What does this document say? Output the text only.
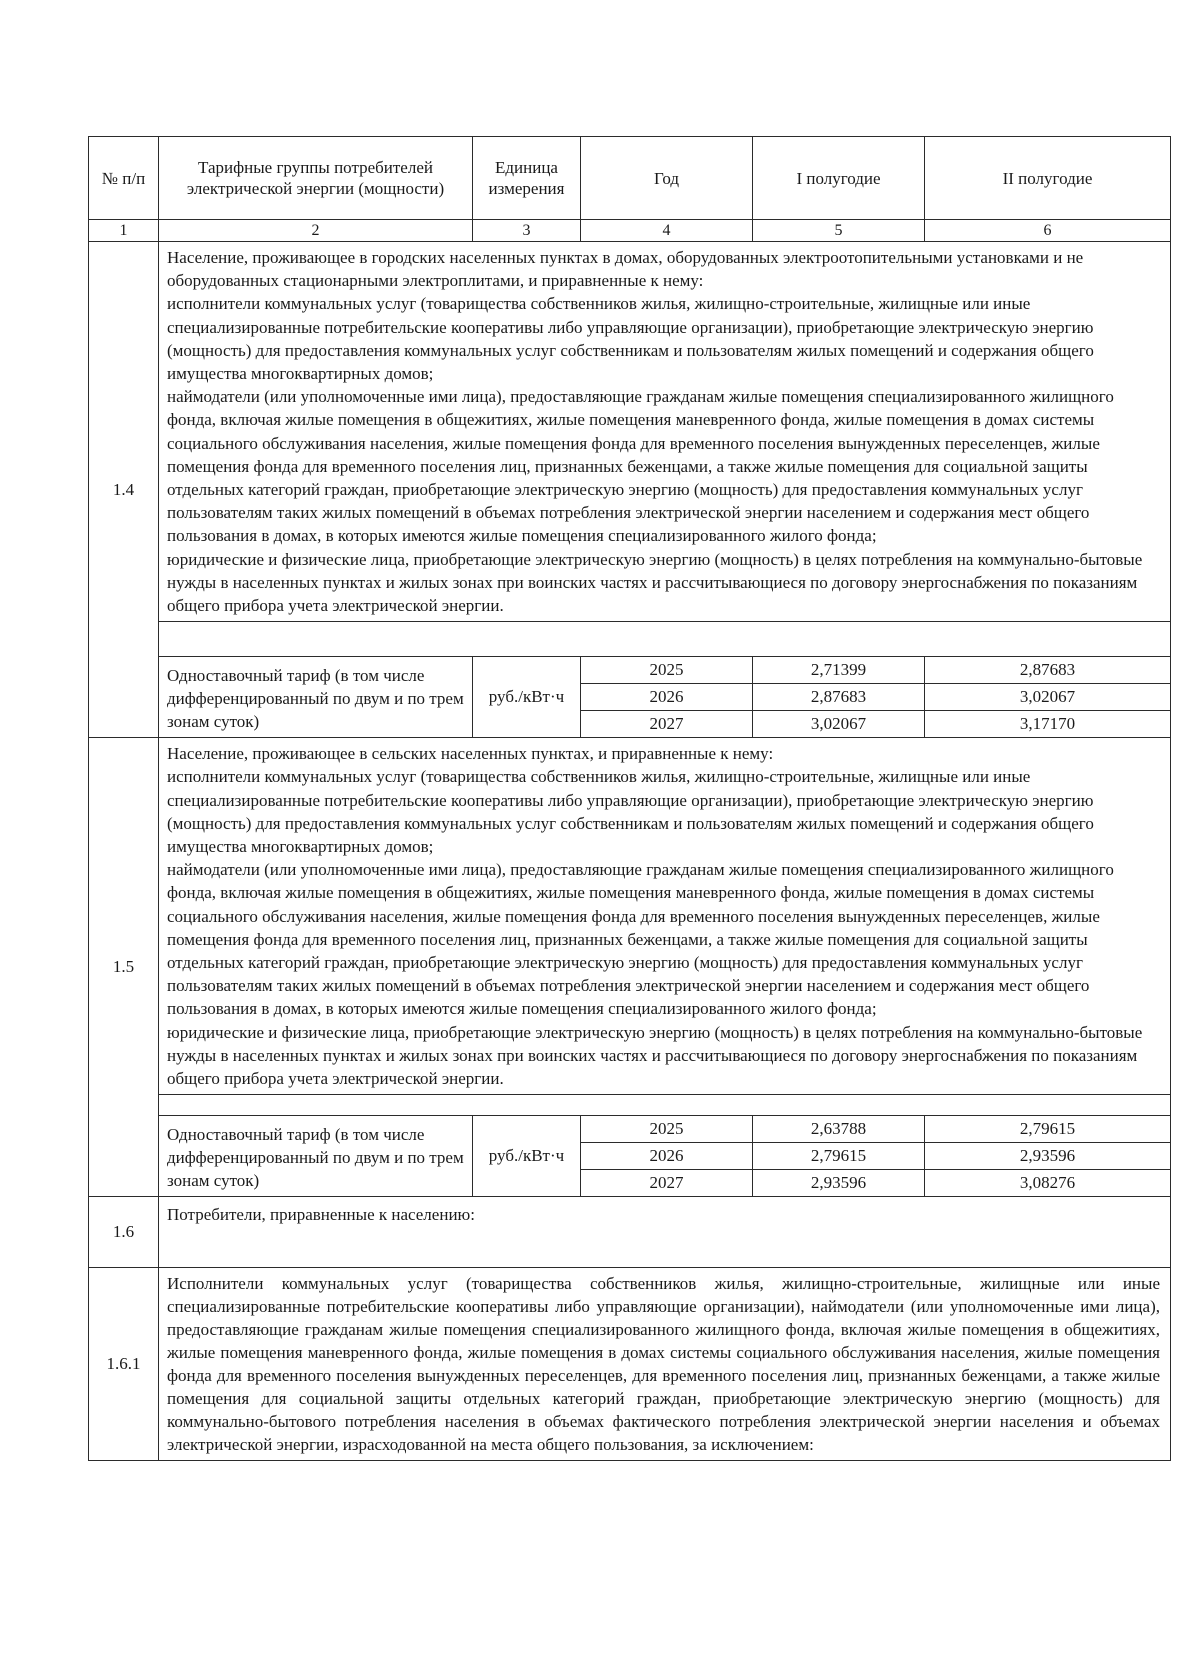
№ п/п	Тарифные группы потребителей электрической энергии (мощности)	Единица измерения	Год	I полугодие	II полугодие
1	2	3	4	5	6
1.4	Население, проживающее в городских населенных пунктах в домах, оборудованных электроотопительными установками и не оборудованных стационарными электроплитами, и приравненные к нему:
исполнители коммунальных услуг (товарищества собственников жилья, жилищно-строительные, жилищные или иные специализированные потребительские кооперативы либо управляющие организации), приобретающие электрическую энергию (мощность) для предоставления коммунальных услуг собственникам и пользователям жилых помещений и содержания общего имущества многоквартирных домов;
наймодатели (или уполномоченные ими лица), предоставляющие гражданам жилые помещения специализированного жилищного фонда, включая жилые помещения в общежитиях, жилые помещения маневренного фонда, жилые помещения в домах системы социального обслуживания населения, жилые помещения фонда для временного поселения вынужденных переселенцев, жилые помещения фонда для временного поселения лиц, признанных беженцами, а также жилые помещения для социальной защиты отдельных категорий граждан, приобретающие электрическую энергию (мощность) для предоставления коммунальных услуг пользователям таких жилых помещений в объемах потребления электрической энергии населением и содержания мест общего пользования в домах, в которых имеются жилые помещения специализированного жилого фонда;
юридические и физические лица, приобретающие электрическую энергию (мощность) в целях потребления на коммунально-бытовые нужды в населенных пунктах и жилых зонах при воинских частях и рассчитывающиеся по договору энергоснабжения по показаниям общего прибора учета электрической энергии.				

	Одноставочный тариф (в том числе дифференцированный по двум и по трем зонам суток)	руб./кВт·ч	2025	2,71399	2,87683
			2026	2,87683	3,02067
			2027	3,02067	3,17170
1.5	Население, проживающее в сельских населенных пунктах, и приравненные к нему:
исполнители коммунальных услуг (товарищества собственников жилья, жилищно-строительные, жилищные или иные специализированные потребительские кооперативы либо управляющие организации), приобретающие электрическую энергию (мощность) для предоставления коммунальных услуг собственникам и пользователям жилых помещений и содержания общего имущества многоквартирных домов;
наймодатели (или уполномоченные ими лица), предоставляющие гражданам жилые помещения специализированного жилищного фонда, включая жилые помещения в общежитиях, жилые помещения маневренного фонда, жилые помещения в домах системы социального обслуживания населения, жилые помещения фонда для временного поселения вынужденных переселенцев, жилые помещения фонда для временного поселения лиц, признанных беженцами, а также жилые помещения для социальной защиты отдельных категорий граждан, приобретающие электрическую энергию (мощность) для предоставления коммунальных услуг пользователям таких жилых помещений в объемах потребления электрической энергии населением и содержания мест общего пользования в домах, в которых имеются жилые помещения специализированного жилого фонда;
юридические и физические лица, приобретающие электрическую энергию (мощность) в целях потребления на коммунально-бытовые нужды в населенных пунктах и жилых зонах при воинских частях и рассчитывающиеся по договору энергоснабжения по показаниям общего прибора учета электрической энергии.				

	Одноставочный тариф (в том числе дифференцированный по двум и по трем зонам суток)	руб./кВт·ч	2025	2,63788	2,79615
			2026	2,79615	2,93596
			2027	2,93596	3,08276
1.6	Потребители, приравненные к населению:				
1.6.1	Исполнители коммунальных услуг (товарищества собственников жилья, жилищно-строительные, жилищные или иные специализированные потребительские кооперативы либо управляющие организации), наймодатели (или уполномоченные ими лица), предоставляющие гражданам жилые помещения специализированного жилищного фонда, включая жилые помещения в общежитиях, жилые помещения маневренного фонда, жилые помещения в домах системы социального обслуживания населения, жилые помещения фонда для временного поселения вынужденных переселенцев, для временного поселения лиц, признанных беженцами, а также жилые помещения для социальной защиты отдельных категорий граждан, приобретающие электрическую энергию (мощность) для коммунально-бытового потребления населения в объемах фактического потребления электрической энергии населения и объемах электрической энергии, израсходованной на места общего пользования, за исключением:				
